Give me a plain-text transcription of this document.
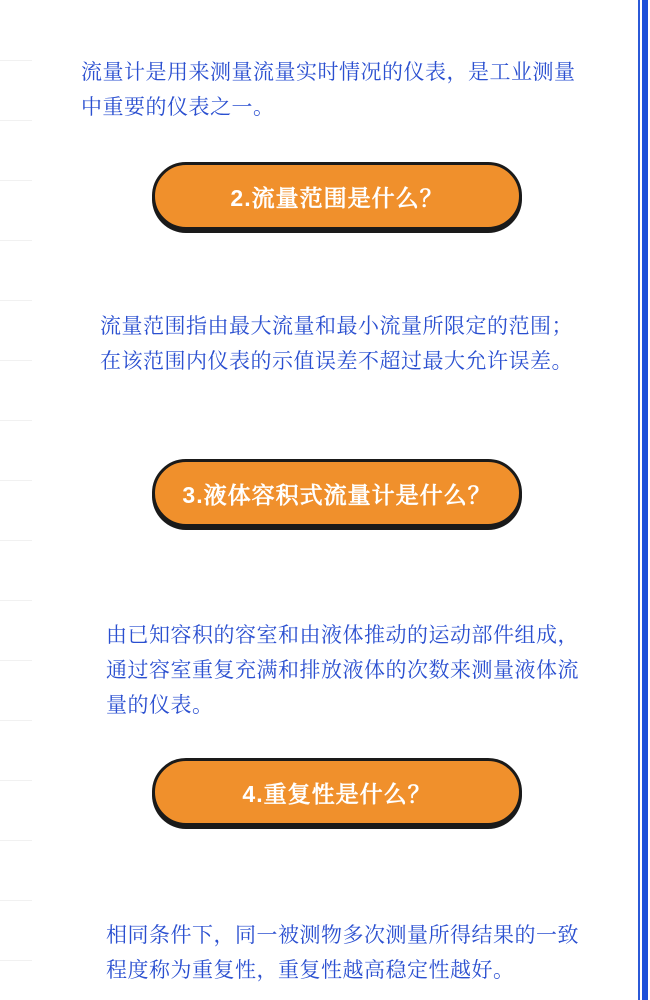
流量计是用来测量流量实时情况的仪表，是工业测量中重要的仪表之一。

2.流量范围是什么？

流量范围指由最大流量和最小流量所限定的范围；在该范围内仪表的示值误差不超过最大允许误差。

3.液体容积式流量计是什么？

由已知容积的容室和由液体推动的运动部件组成，通过容室重复充满和排放液体的次数来测量液体流量的仪表。

4.重复性是什么？

相同条件下，同一被测物多次测量所得结果的一致程度称为重复性，重复性越高稳定性越好。
